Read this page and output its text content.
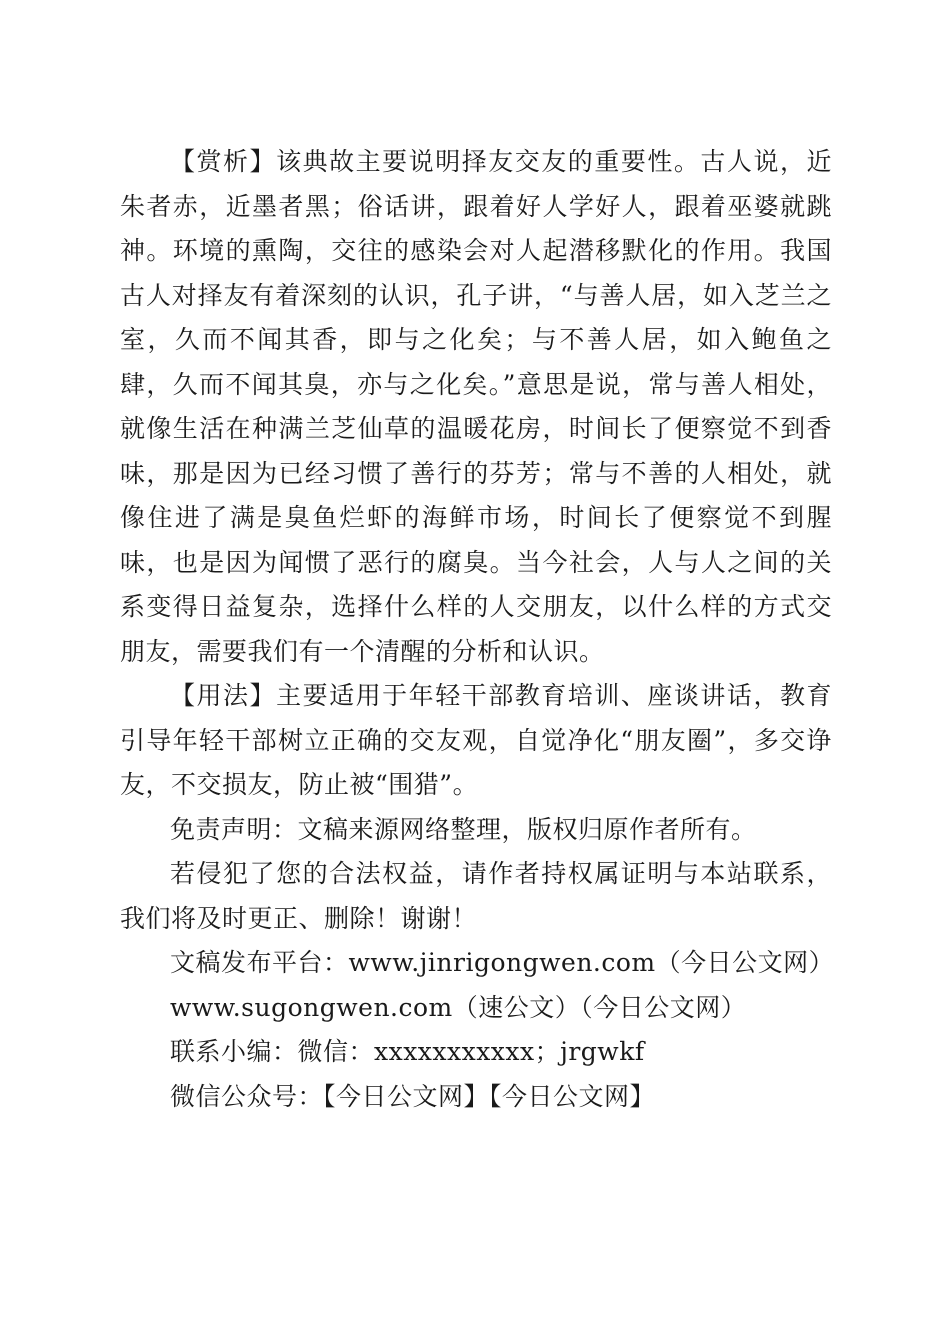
【赏析】该典故主要说明择友交友的重要性。古人说，近朱者赤，近墨者黑；俗话讲，跟着好人学好人，跟着巫婆就跳神。环境的熏陶，交往的感染会对人起潜移默化的作用。我国古人对择友有着深刻的认识，孔子讲，“与善人居，如入芝兰之室，久而不闻其香，即与之化矣；与不善人居，如入鲍鱼之肆，久而不闻其臭，亦与之化矣。”意思是说，常与善人相处，就像生活在种满兰芝仙草的温暖花房，时间长了便察觉不到香味，那是因为已经习惯了善行的芬芳；常与不善的人相处，就像住进了满是臭鱼烂虾的海鲜市场，时间长了便察觉不到腥味，也是因为闻惯了恶行的腐臭。当今社会，人与人之间的关系变得日益复杂，选择什么样的人交朋友，以什么样的方式交朋友，需要我们有一个清醒的分析和认识。

【用法】主要适用于年轻干部教育培训、座谈讲话，教育引导年轻干部树立正确的交友观，自觉净化“朋友圈”，多交诤友，不交损友，防止被“围猎”。

免责声明：文稿来源网络整理，版权归原作者所有。

若侵犯了您的合法权益，请作者持权属证明与本站联系，我们将及时更正、删除！谢谢！

文稿发布平台：www.jinrigongwen.com（今日公文网）

www.sugongwen.com（速公文）（今日公文网）

联系小编：微信：xxxxxxxxxxx；jrgwkf

微信公众号：【今日公文网】【今日公文网】
